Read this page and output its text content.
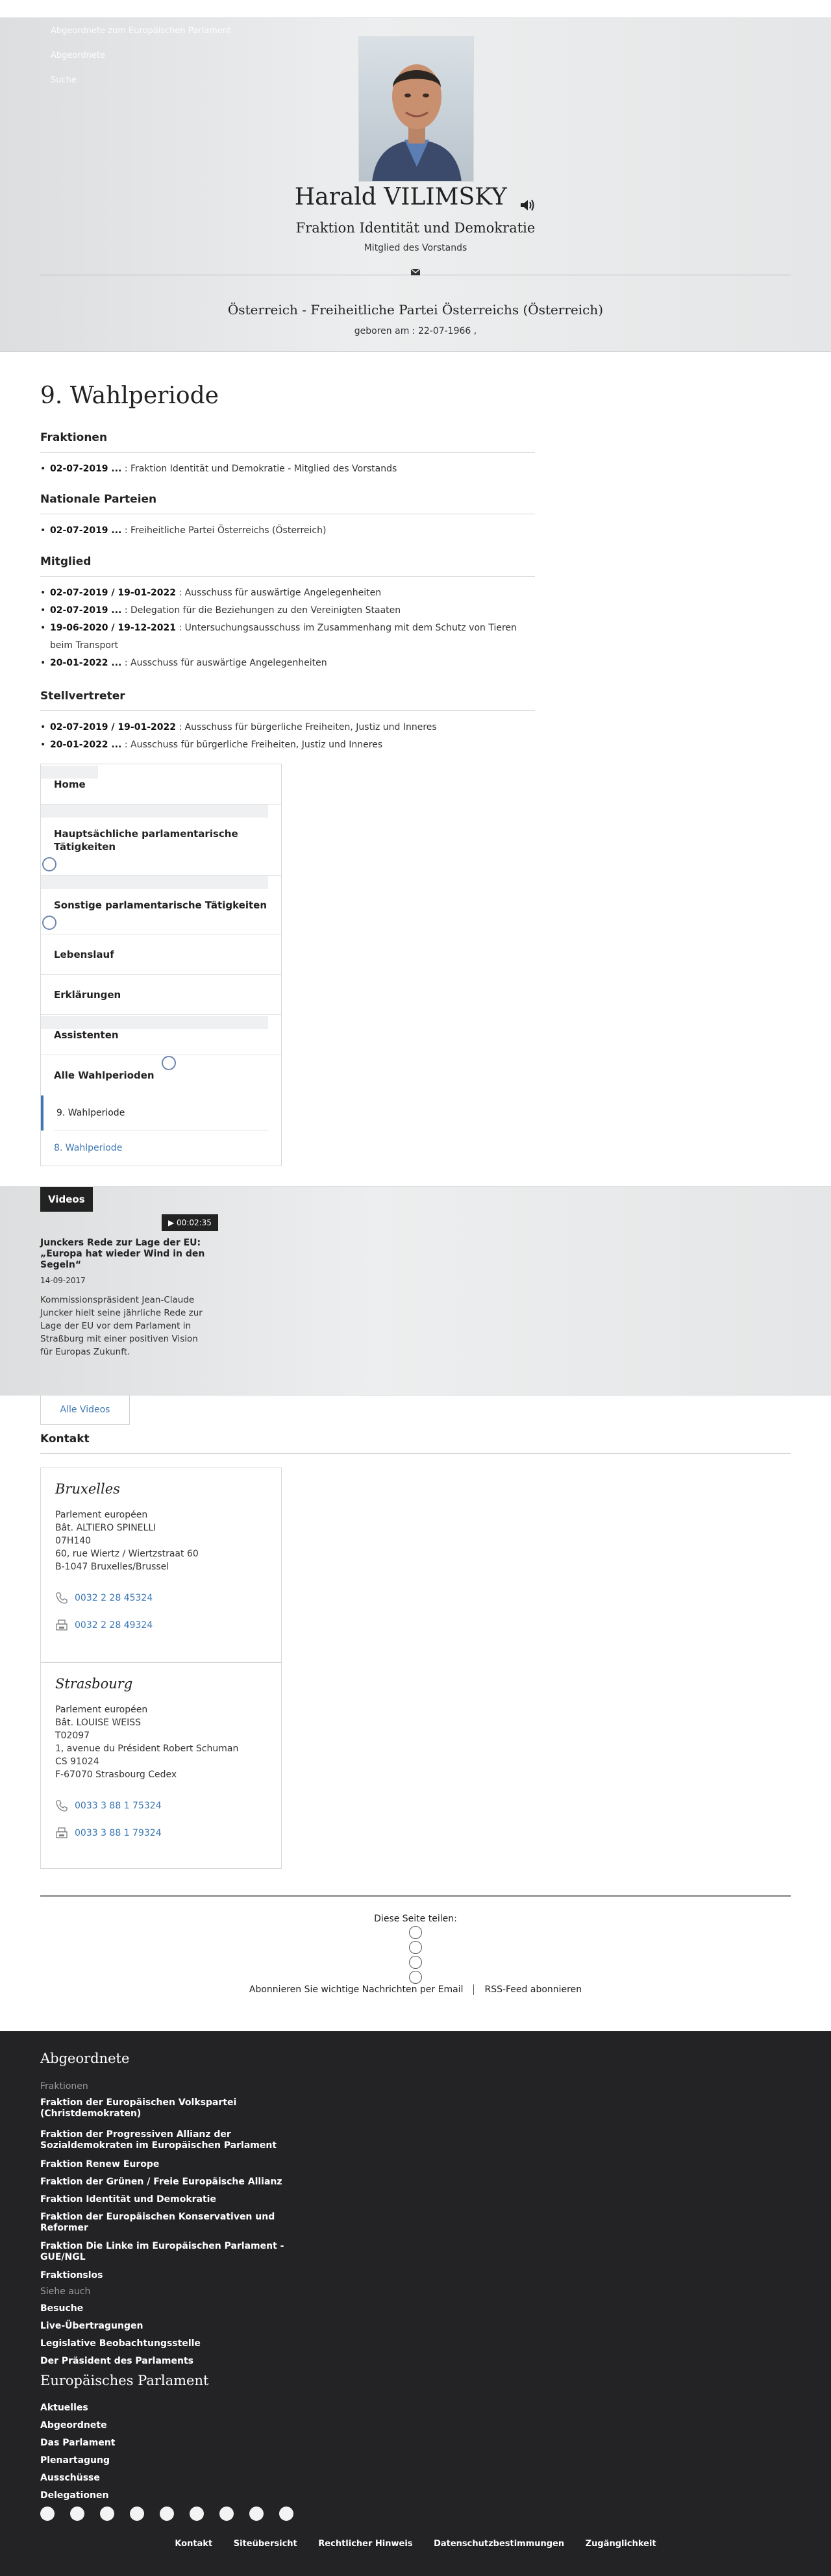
Abgeordnete zum Europäischen Parlament
Abgeordnete
Suche
Harald VILIMSKY
Fraktion Identität und Demokratie
Mitglied des Vorstands
Österreich - Freiheitliche Partei Österreichs (Österreich)
geboren am : 22-07-1966 ,
9. Wahlperiode
Fraktionen
• 02-07-2019 ... : Fraktion Identität und Demokratie - Mitglied des Vorstands
Nationale Parteien
• 02-07-2019 ... : Freiheitliche Partei Österreichs (Österreich)
Mitglied
• 02-07-2019 / 19-01-2022 : Ausschuss für auswärtige Angelegenheiten
• 02-07-2019 ... : Delegation für die Beziehungen zu den Vereinigten Staaten
• 19-06-2020 / 19-12-2021 : Untersuchungsausschuss im Zusammenhang mit dem Schutz von Tieren beim Transport
• 20-01-2022 ... : Ausschuss für auswärtige Angelegenheiten
Stellvertreter
• 02-07-2019 / 19-01-2022 : Ausschuss für bürgerliche Freiheiten, Justiz und Inneres
• 20-01-2022 ... : Ausschuss für bürgerliche Freiheiten, Justiz und Inneres
Home
Hauptsächliche parlamentarische Tätigkeiten
Sonstige parlamentarische Tätigkeiten
Lebenslauf
Erklärungen
Assistenten
Alle Wahlperioden
9. Wahlperiode
8. Wahlperiode
Videos
▶ 00:02:35
Junckers Rede zur Lage der EU: „Europa hat wieder Wind in den Segeln“
14-09-2017
Kommissionspräsident Jean-Claude Juncker hielt seine jährliche Rede zur Lage der EU vor dem Parlament in Straßburg mit einer positiven Vision für Europas Zukunft.
Alle Videos
Kontakt
Bruxelles
Parlement européen
Bât. ALTIERO SPINELLI
07H140
60, rue Wiertz / Wiertzstraat 60
B-1047 Bruxelles/Brussel
0032 2 28 45324
0032 2 28 49324
Strasbourg
Parlement européen
Bât. LOUISE WEISS
T02097
1, avenue du Président Robert Schuman
CS 91024
F-67070 Strasbourg Cedex
0033 3 88 1 75324
0033 3 88 1 79324
Diese Seite teilen:
Abonnieren Sie wichtige Nachrichten per Email RSS-Feed abonnieren
Abgeordnete
Fraktionen
Fraktion der Europäischen Volkspartei (Christdemokraten)
Fraktion der Progressiven Allianz der Sozialdemokraten im Europäischen Parlament
Fraktion Renew Europe
Fraktion der Grünen / Freie Europäische Allianz
Fraktion Identität und Demokratie
Fraktion der Europäischen Konservativen und Reformer
Fraktion Die Linke im Europäischen Parlament - GUE/NGL
Fraktionslos
Siehe auch
Besuche
Live-Übertragungen
Legislative Beobachtungsstelle
Der Präsident des Parlaments
Europäisches Parlament
Aktuelles
Abgeordnete
Das Parlament
Plenartagung
Ausschüsse
Delegationen
Kontakt	Siteübersicht	Rechtlicher Hinweis	Datenschutzbestimmungen	Zugänglichkeit
